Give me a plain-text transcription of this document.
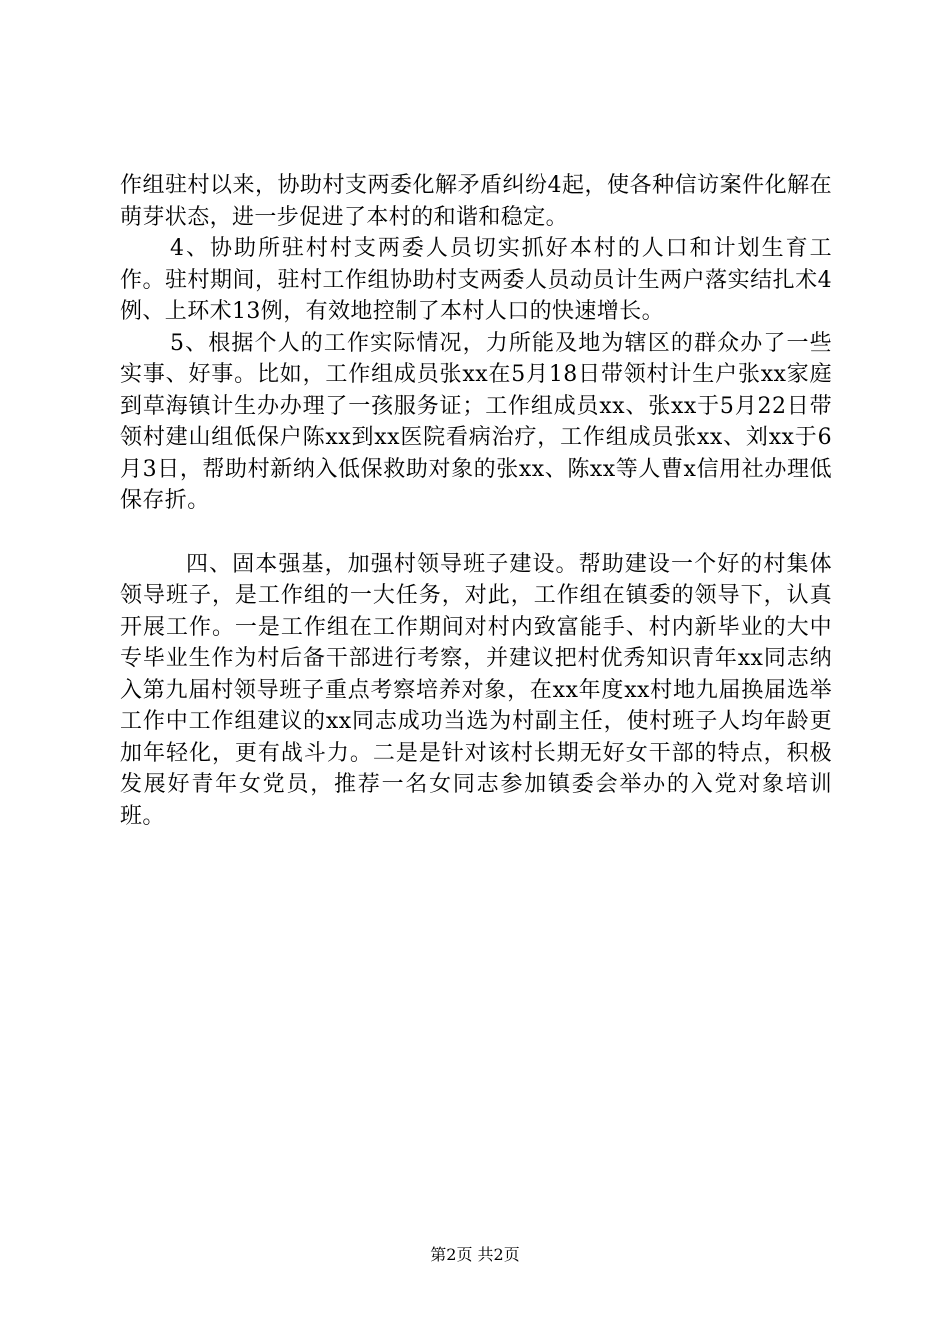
作组驻村以来，协助村支两委化解矛盾纠纷4起，使各种信访案件化解在萌芽状态，进一步促进了本村的和谐和稳定。

4、协助所驻村村支两委人员切实抓好本村的人口和计划生育工作。驻村期间，驻村工作组协助村支两委人员动员计生两户落实结扎术4例、上环术13例，有效地控制了本村人口的快速增长。

5、根据个人的工作实际情况，力所能及地为辖区的群众办了一些实事、好事。比如，工作组成员张xx在5月18日带领村计生户张xx家庭到草海镇计生办办理了一孩服务证；工作组成员xx、张xx于5月22日带领村建山组低保户陈xx到xx医院看病治疗，工作组成员张xx、刘xx于6月3日，帮助村新纳入低保救助对象的张xx、陈xx等人曹x信用社办理低保存折。

四、固本强基，加强村领导班子建设。帮助建设一个好的村集体领导班子，是工作组的一大任务，对此，工作组在镇委的领导下，认真开展工作。一是工作组在工作期间对村内致富能手、村内新毕业的大中专毕业生作为村后备干部进行考察，并建议把村优秀知识青年xx同志纳入第九届村领导班子重点考察培养对象，在xx年度xx村地九届换届选举工作中工作组建议的xx同志成功当选为村副主任，使村班子人均年龄更加年轻化，更有战斗力。二是是针对该村长期无好女干部的特点，积极发展好青年女党员，推荐一名女同志参加镇委会举办的入党对象培训班。

第2页 共2页
